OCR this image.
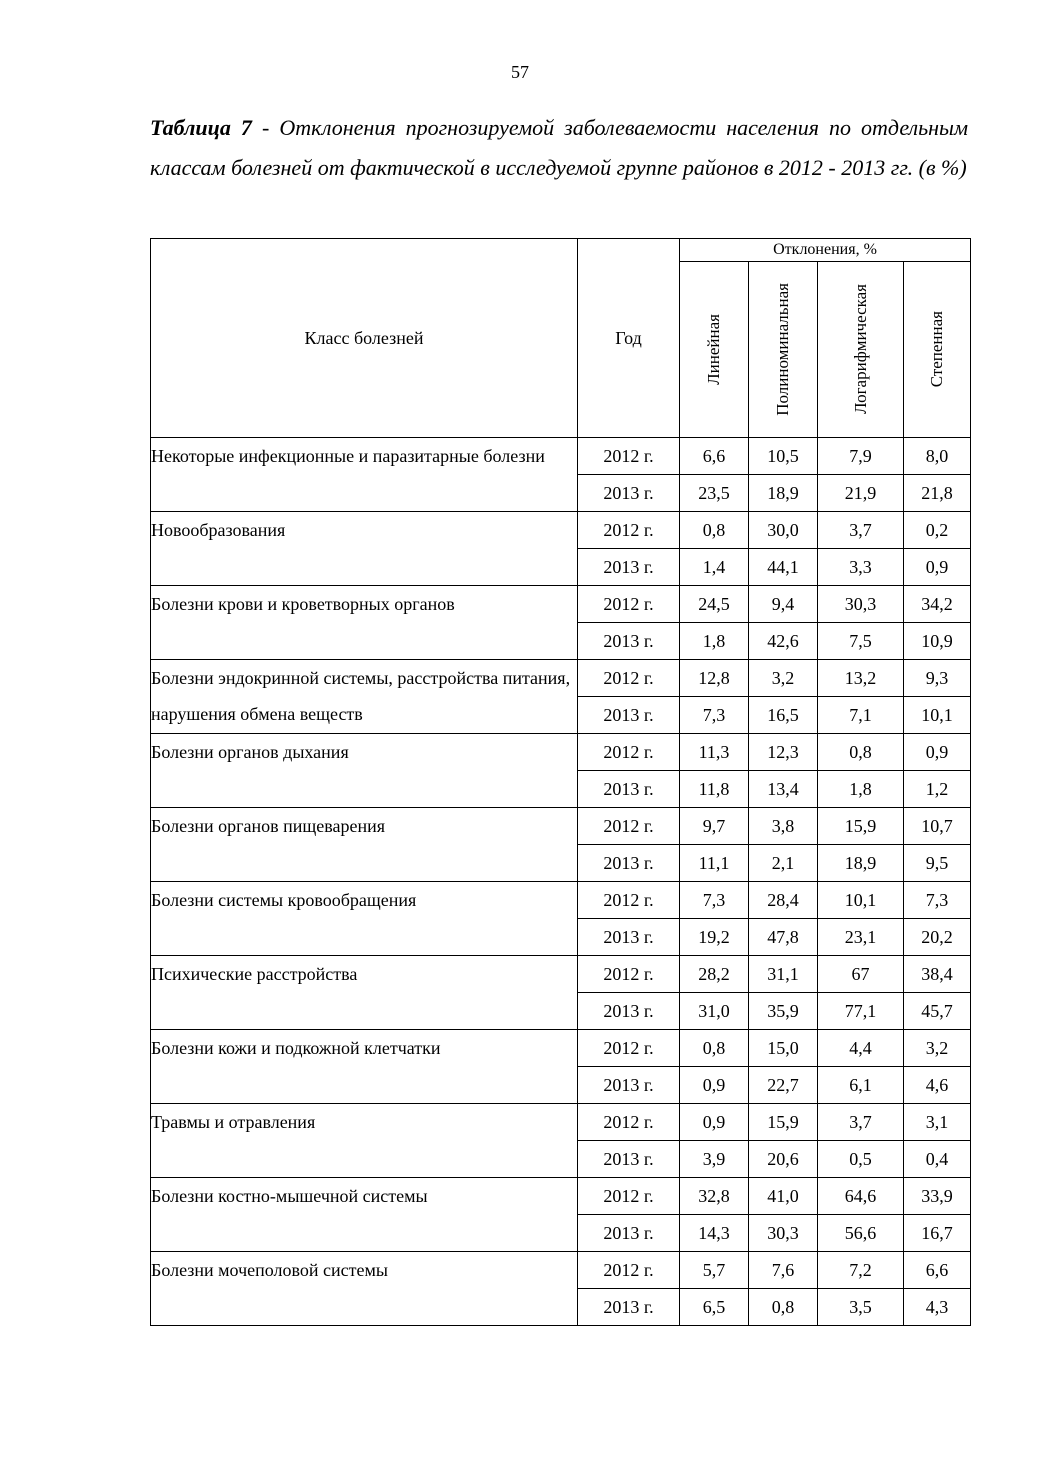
57
Таблица 7 - Отклонения прогнозируемой заболеваемости населения по отдельным классам болезней от фактической в исследуемой группе районов в 2012 - 2013 гг. (в %)
Класс болезней	Год	Отклонения, %			

		Линейная	Полиноминальная	Логарифмическая	Степенная

Некоторые инфекционные и паразитарные болезни	2012 г.	6,6	10,5	7,9	8,0
	2013 г.	23,5	18,9	21,9	21,8
Новообразования	2012 г.	0,8	30,0	3,7	0,2
	2013 г.	1,4	44,1	3,3	0,9
Болезни крови и кроветворных органов	2012 г.	24,5	9,4	30,3	34,2
	2013 г.	1,8	42,6	7,5	10,9
Болезни эндокринной системы, расстройства питания, нарушения обмена веществ	2012 г.	12,8	3,2	13,2	9,3
	2013 г.	7,3	16,5	7,1	10,1
Болезни органов дыхания	2012 г.	11,3	12,3	0,8	0,9
	2013 г.	11,8	13,4	1,8	1,2
Болезни органов пищеварения	2012 г.	9,7	3,8	15,9	10,7
	2013 г.	11,1	2,1	18,9	9,5
Болезни системы кровообращения	2012 г.	7,3	28,4	10,1	7,3
	2013 г.	19,2	47,8	23,1	20,2
Психические расстройства	2012 г.	28,2	31,1	67	38,4
	2013 г.	31,0	35,9	77,1	45,7
Болезни кожи и подкожной клетчатки	2012 г.	0,8	15,0	4,4	3,2
	2013 г.	0,9	22,7	6,1	4,6
Травмы и отравления	2012 г.	0,9	15,9	3,7	3,1
	2013 г.	3,9	20,6	0,5	0,4
Болезни костно-мышечной системы	2012 г.	32,8	41,0	64,6	33,9
	2013 г.	14,3	30,3	56,6	16,7
Болезни мочеполовой системы	2012 г.	5,7	7,6	7,2	6,6
	2013 г.	6,5	0,8	3,5	4,3
